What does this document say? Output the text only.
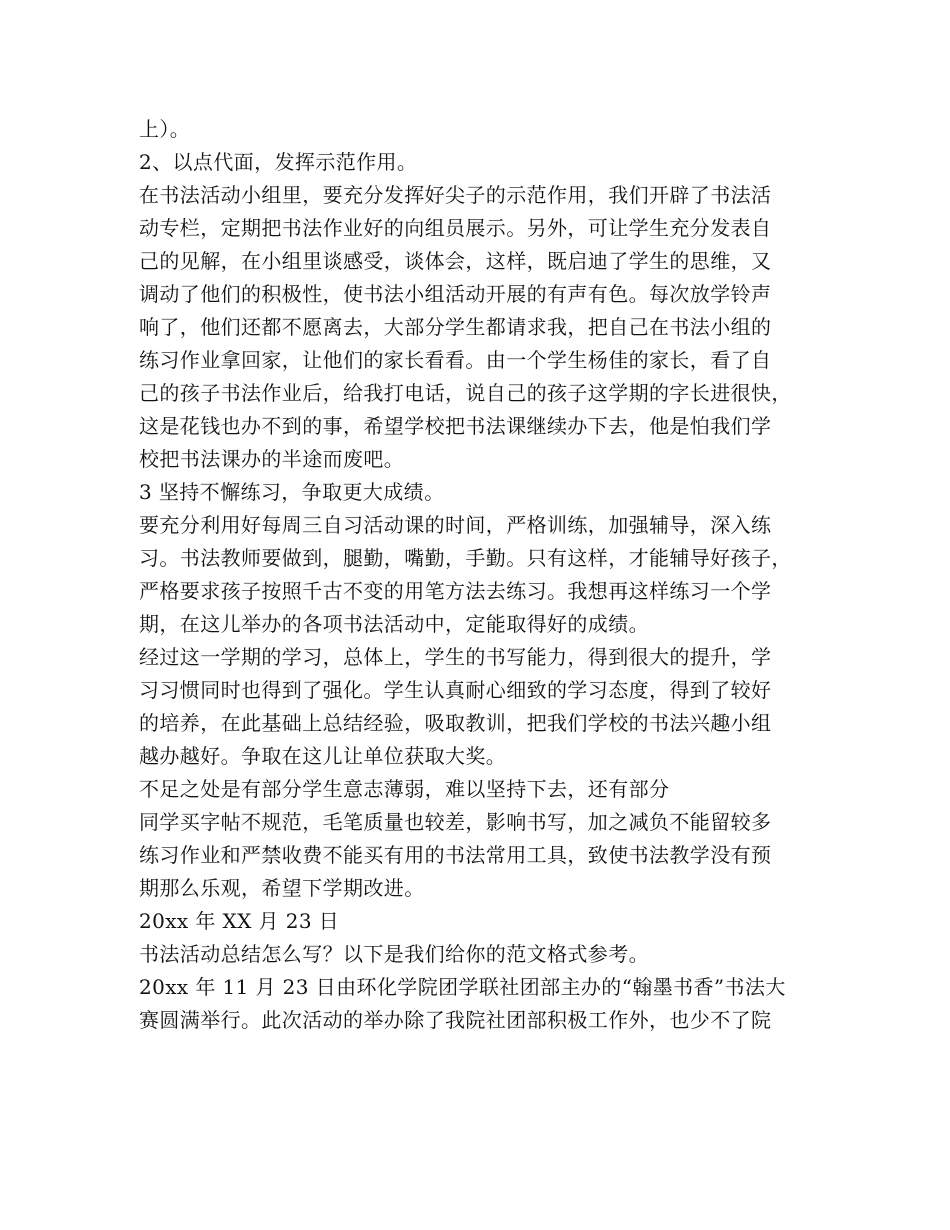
上）。
2、以点代面，发挥示范作用。
在书法活动小组里，要充分发挥好尖子的示范作用，我们开辟了书法活
动专栏，定期把书法作业好的向组员展示。另外，可让学生充分发表自
己的见解，在小组里谈感受，谈体会，这样，既启迪了学生的思维，又
调动了他们的积极性，使书法小组活动开展的有声有色。每次放学铃声
响了，他们还都不愿离去，大部分学生都请求我，把自己在书法小组的
练习作业拿回家，让他们的家长看看。由一个学生杨佳的家长，看了自
己的孩子书法作业后，给我打电话，说自己的孩子这学期的字长进很快，
这是花钱也办不到的事，希望学校把书法课继续办下去，他是怕我们学
校把书法课办的半途而废吧。
3 坚持不懈练习，争取更大成绩。
要充分利用好每周三自习活动课的时间，严格训练，加强辅导，深入练
习。书法教师要做到，腿勤，嘴勤，手勤。只有这样，才能辅导好孩子，
严格要求孩子按照千古不变的用笔方法去练习。我想再这样练习一个学
期，在这儿举办的各项书法活动中，定能取得好的成绩。
经过这一学期的学习，总体上，学生的书写能力，得到很大的提升，学
习习惯同时也得到了强化。学生认真耐心细致的学习态度，得到了较好
的培养，在此基础上总结经验，吸取教训，把我们学校的书法兴趣小组
越办越好。争取在这儿让单位获取大奖。
不足之处是有部分学生意志薄弱，难以坚持下去，还有部分
同学买字帖不规范，毛笔质量也较差，影响书写，加之减负不能留较多
练习作业和严禁收费不能买有用的书法常用工具，致使书法教学没有预
期那么乐观，希望下学期改进。
20xx 年 XX 月 23 日
书法活动总结怎么写？以下是我们给你的范文格式参考。
20xx 年 11 月 23 日由环化学院团学联社团部主办的“翰墨书香”书法大
赛圆满举行。此次活动的举办除了我院社团部积极工作外，也少不了院
